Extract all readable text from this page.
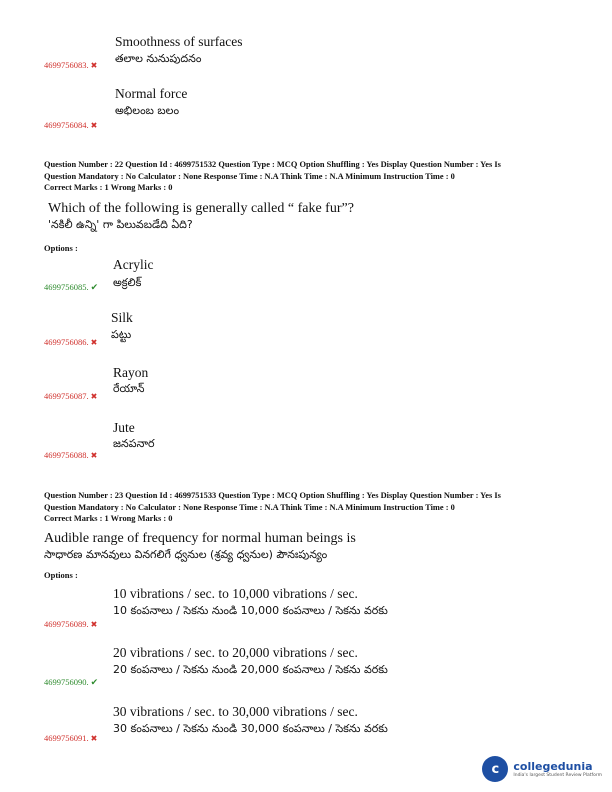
Smoothness of surfaces
తలాల నునుపుదనం
4699756083. ✖
Normal force
అభిలంబ బలం
4699756084. ✖
Question Number : 22 Question Id : 4699751532 Question Type : MCQ Option Shuffling : Yes Display Question Number : Yes Is
Question Mandatory : No Calculator : None Response Time : N.A Think Time : N.A Minimum Instruction Time : 0
Correct Marks : 1 Wrong Marks : 0
Which of the following is generally called “ fake fur”?
'నకిలీ ఉన్ని' గా పిలువబడేది ఏది?
Options :
Acrylic
అక్రలిక్
4699756085. ✔
Silk
పట్టు
4699756086. ✖
Rayon
రేయాన్
4699756087. ✖
Jute
జనపనార
4699756088. ✖
Question Number : 23 Question Id : 4699751533 Question Type : MCQ Option Shuffling : Yes Display Question Number : Yes Is
Question Mandatory : No Calculator : None Response Time : N.A Think Time : N.A Minimum Instruction Time : 0
Correct Marks : 1 Wrong Marks : 0
Audible range of frequency for normal human beings is
సాధారణ మానవులు వినగలిగే ధ్వనుల (శ్రవ్య ధ్వనుల) పౌనఃపున్యం
Options :
10 vibrations / sec. to 10,000 vibrations / sec.
10 కంపనాలు / సెకను నుండి 10,000 కంపనాలు / సెకను వరకు
4699756089. ✖
20 vibrations / sec. to 20,000 vibrations / sec.
20 కంపనాలు / సెకను నుండి 20,000 కంపనాలు / సెకను వరకు
4699756090. ✔
30 vibrations / sec. to 30,000 vibrations / sec.
30 కంపనాలు / సెకను నుండి 30,000 కంపనాలు / సెకను వరకు
4699756091. ✖
c	collegedunia
India's largest Student Review Platform
